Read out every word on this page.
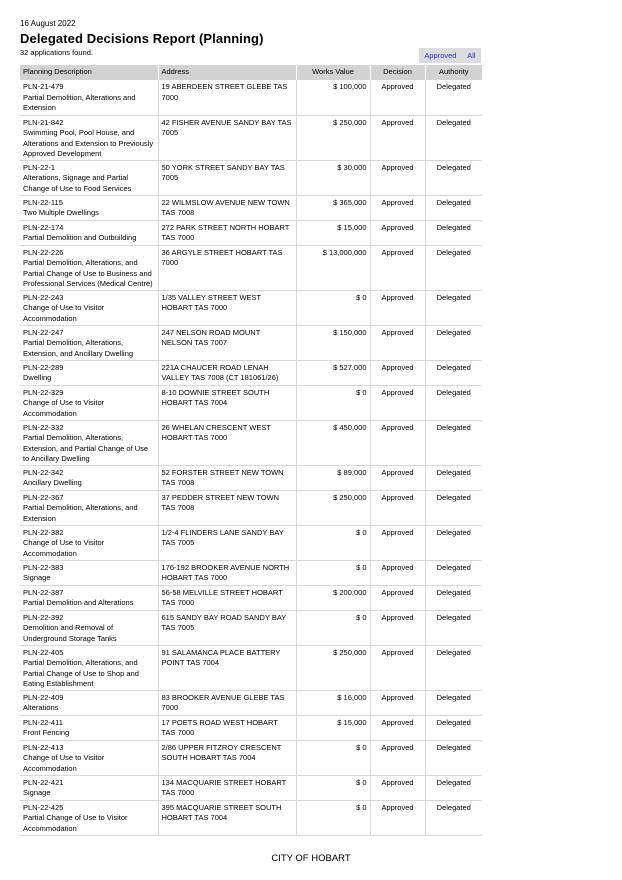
16 August 2022
Delegated Decisions Report (Planning)
32 applications found.	Approved All
Planning Description	Address	Works Value	Decision	Authority

PLN-21-479
Partial Demolition, Alterations and Extension	19 ABERDEEN STREET GLEBE TAS 7000	$ 100,000	Approved	Delegated

PLN-21-842
Swimming Pool, Pool House, and Alterations and Extension to Previously Approved Development	42 FISHER AVENUE SANDY BAY TAS 7005	$ 250,000	Approved	Delegated

PLN-22-1
Alterations, Signage and Partial Change of Use to Food Services	50 YORK STREET SANDY BAY TAS 7005	$ 30,000	Approved	Delegated

PLN-22-115
Two Multiple Dwellings	22 WILMSLOW AVENUE NEW TOWN TAS 7008	$ 365,000	Approved	Delegated

PLN-22-174
Partial Demolition and Outbuilding	272 PARK STREET NORTH HOBART TAS 7000	$ 15,000	Approved	Delegated

PLN-22-226
Partial Demolition, Alterations, and Partial Change of Use to Business and Professional Services (Medical Centre)	36 ARGYLE STREET HOBART TAS 7000	$ 13,000,000	Approved	Delegated

PLN-22-243
Change of Use to Visitor Accommodation	1/35 VALLEY STREET WEST HOBART TAS 7000	$ 0	Approved	Delegated

PLN-22-247
Partial Demolition, Alterations, Extension, and Ancillary Dwelling	247 NELSON ROAD MOUNT NELSON TAS 7007	$ 150,000	Approved	Delegated

PLN-22-289
Dwelling	221A CHAUCER ROAD LENAH VALLEY TAS 7008 (CT 181061/26)	$ 527,000	Approved	Delegated

PLN-22-329
Change of Use to Visitor Accommodation	8-10 DOWNIE STREET SOUTH HOBART TAS 7004	$ 0	Approved	Delegated

PLN-22-332
Partial Demolition, Alterations, Extension, and Partial Change of Use to Ancillary Dwelling	26 WHELAN CRESCENT WEST HOBART TAS 7000	$ 450,000	Approved	Delegated

PLN-22-342
Ancillary Dwelling	52 FORSTER STREET NEW TOWN TAS 7008	$ 89,000	Approved	Delegated

PLN-22-367
Partial Demolition, Alterations, and Extension	37 PEDDER STREET NEW TOWN TAS 7008	$ 250,000	Approved	Delegated

PLN-22-382
Change of Use to Visitor Accommodation	1/2-4 FLINDERS LANE SANDY BAY TAS 7005	$ 0	Approved	Delegated

PLN-22-383
Signage	176-192 BROOKER AVENUE NORTH HOBART TAS 7000	$ 0	Approved	Delegated

PLN-22-387
Partial Demolition and Alterations	56-58 MELVILLE STREET HOBART TAS 7000	$ 200,000	Approved	Delegated

PLN-22-392
Demolition and Removal of Underground Storage Tanks	615 SANDY BAY ROAD SANDY BAY TAS 7005	$ 0	Approved	Delegated

PLN-22-405
Partial Demolition, Alterations, and Partial Change of Use to Shop and Eating Establishment	91 SALAMANCA PLACE BATTERY POINT TAS 7004	$ 250,000	Approved	Delegated

PLN-22-409
Alterations	83 BROOKER AVENUE GLEBE TAS 7000	$ 16,000	Approved	Delegated

PLN-22-411
Front Fencing	17 POETS ROAD WEST HOBART TAS 7000	$ 15,000	Approved	Delegated

PLN-22-413
Change of Use to Visitor Accommodation	2/86 UPPER FITZROY CRESCENT SOUTH HOBART TAS 7004	$ 0	Approved	Delegated

PLN-22-421
Signage	134 MACQUARIE STREET HOBART TAS 7000	$ 0	Approved	Delegated

PLN-22-425
Partial Change of Use to Visitor Accommodation	395 MACQUARIE STREET SOUTH HOBART TAS 7004	$ 0	Approved	Delegated
CITY OF HOBART
